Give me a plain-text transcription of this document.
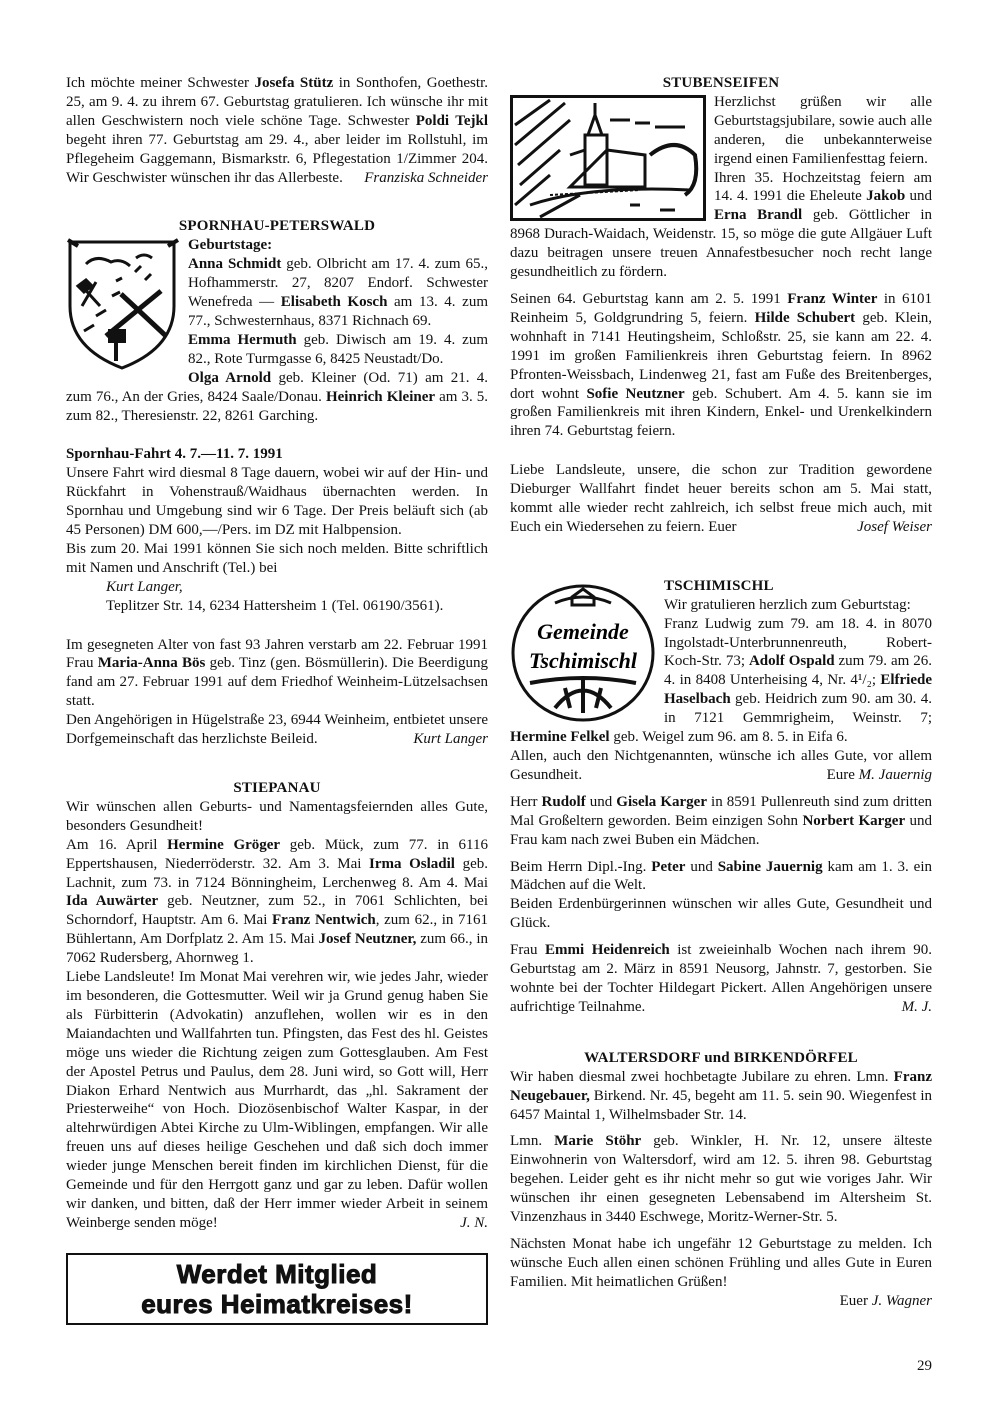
Ich möchte meiner Schwester Josefa Stütz in Sonthofen, Goethestr. 25, am 9. 4. zu ihrem 67. Geburtstag gratulieren. Ich wünsche ihr mit allen Geschwistern noch viele schöne Tage. Schwester Poldi Tejkl begeht ihren 77. Geburtstag am 29. 4., aber leider im Rollstuhl, im Pflegeheim Gaggemann, Bismarkstr. 6, Pflegestation 1/Zimmer 204. Wir Geschwister wünschen ihr das Allerbeste. Franziska Schneider

SPORNHAU-PETERSWALD

Geburtstage:

Anna Schmidt geb. Olbricht am 17. 4. zum 65., Hofhammerstr. 27, 8207 Endorf. Schwester Wenefreda — Elisabeth Kosch am 13. 4. zum 77., Schwesternhaus, 8371 Richnach 69.

Emma Hermuth geb. Diwisch am 19. 4. zum 82., Rote Turmgasse 6, 8425 Neustadt/Do.

Olga Arnold geb. Kleiner (Od. 71) am 21. 4. zum 76., An der Gries, 8424 Saale/Donau. Heinrich Kleiner am 3. 5. zum 82., Theresienstr. 22, 8261 Garching.

Spornhau-Fahrt 4. 7.—11. 7. 1991

Unsere Fahrt wird diesmal 8 Tage dauern, wobei wir auf der Hin- und Rückfahrt in Vohenstrauß/Waidhaus übernachten werden. In Spornhau und Umgebung sind wir 6 Tage. Der Preis beläuft sich (ab 45 Personen) DM 600,—/Pers. im DZ mit Halbpension.

Bis zum 20. Mai 1991 können Sie sich noch melden. Bitte schriftlich mit Namen und Anschrift (Tel.) bei

Kurt Langer,

Teplitzer Str. 14, 6234 Hattersheim 1 (Tel. 06190/3561).

Im gesegneten Alter von fast 93 Jahren verstarb am 22. Februar 1991 Frau Maria-Anna Bös geb. Tinz (gen. Bösmüllerin). Die Beerdigung fand am 27. Februar 1991 auf dem Friedhof Weinheim-Lützelsachsen statt.

Den Angehörigen in Hügelstraße 23, 6944 Weinheim, entbietet unsere Dorfgemeinschaft das herzlichste Beileid.	Kurt Langer

STIEPANAU

Wir wünschen allen Geburts- und Namentagsfeiernden alles Gute, besonders Gesundheit!

Am 16. April Hermine Gröger geb. Mück, zum 77. in 6116 Eppertshausen, Niederröderstr. 32. Am 3. Mai Irma Osladil geb. Lachnit, zum 73. in 7124 Bönningheim, Lerchenweg 8. Am 4. Mai Ida Auwärter geb. Neutzner, zum 52., in 7061 Schlichten, bei Schorndorf, Hauptstr. Am 6. Mai Franz Nentwich, zum 62., in 7161 Bühlertann, Am Dorfplatz 2. Am 15. Mai Josef Neutzner, zum 66., in 7062 Rudersberg, Ahornweg 1.

Liebe Landsleute! Im Monat Mai verehren wir, wie jedes Jahr, wieder im besonderen, die Gottesmutter. Weil wir ja Grund genug haben Sie als Fürbitterin (Advokatin) anzuflehen, wollen wir es in den Maiandachten und Wallfahrten tun. Pfingsten, das Fest des hl. Geistes möge uns wieder die Richtung zeigen zum Gottesglauben. Am Fest der Apostel Petrus und Paulus, dem 28. Juni wird, so Gott will, Herr Diakon Erhard Nentwich aus Murrhardt, das „hl. Sakrament der Priesterweihe“ von Hoch. Diozösenbischof Walter Kaspar, in der altehrwürdigen Abtei Kirche zu Ulm-Wiblingen, empfangen. Wir alle freuen uns auf dieses heilige Geschehen und daß sich doch immer wieder junge Menschen bereit finden im kirchlichen Dienst, für die Gemeinde und für den Herrgott ganz und gar zu leben. Dafür wollen wir danken, und bitten, daß der Herr immer wieder Arbeit in seinem Weinberge senden möge!	J. N.

Werdet Mitglied
eures Heimatkreises!
STUBENSEIFEN

Herzlichst grüßen wir alle Geburtstagsjubilare, sowie auch alle anderen, die unbekannterweise irgend einen Familienfesttag feiern.

Ihren 35. Hochzeitstag feiern am 14. 4. 1991 die Eheleute Jakob und Erna Brandl geb. Göttlicher in 8968 Durach-Waidach, Weidenstr. 15, so möge die gute Allgäuer Luft dazu beitragen unsere treuen Annafestbesucher noch recht lange gesundheitlich zu fördern.

Seinen 64. Geburtstag kann am 2. 5. 1991 Franz Winter in 6101 Reinheim 5, Goldgrundring 5, feiern. Hilde Schubert geb. Klein, wohnhaft in 7141 Heutingsheim, Schloßstr. 25, sie kann am 22. 4. 1991 im großen Familienkreis ihren Geburtstag feiern. In 8962 Pfronten-Weissbach, Lindenweg 21, fast am Fuße des Breitenberges, dort wohnt Sofie Neutzner geb. Schubert. Am 4. 5. kann sie im großen Familienkreis mit ihren Kindern, Enkel- und Urenkelkindern ihren 74. Geburtstag feiern.

Liebe Landsleute, unsere, die schon zur Tradition gewordene Dieburger Wallfahrt findet heuer bereits schon am 5. Mai statt, kommt alle wieder recht zahlreich, ich selbst freue mich auch, mit Euch ein Wiedersehen zu feiern. Euer	Josef Weiser

Gemeinde
Tschimischl
TSCHIMISCHL

Wir gratulieren herzlich zum Geburtstag:

Franz Ludwig zum 79. am 18. 4. in 8070 Ingolstadt-Unterbrunnenreuth, Robert-Koch-Str. 73; Adolf Ospald zum 79. am 26. 4. in 8408 Unterheising 4, Nr. 4¹/₂; Elfriede Haselbach geb. Heidrich zum 90. am 30. 4. in 7121 Gemmrigheim, Weinstr. 7; Hermine Felkel geb. Weigel zum 96. am 8. 5. in Eifa 6.

Allen, auch den Nichtgenannten, wünsche ich alles Gute, vor allem Gesundheit.	Eure M. Jauernig

Herr Rudolf und Gisela Karger in 8591 Pullenreuth sind zum dritten Mal Großeltern geworden. Beim einzigen Sohn Norbert Karger und Frau kam nach zwei Buben ein Mädchen.

Beim Herrn Dipl.-Ing. Peter und Sabine Jauernig kam am 1. 3. ein Mädchen auf die Welt.

Beiden Erdenbürgerinnen wünschen wir alles Gute, Gesundheit und Glück.

Frau Emmi Heidenreich ist zweieinhalb Wochen nach ihrem 90. Geburtstag am 2. März in 8591 Neusorg, Jahnstr. 7, gestorben. Sie wohnte bei der Tochter Hildegart Pickert. Allen Angehörigen unsere aufrichtige Teilnahme.	M. J.

WALTERSDORF und BIRKENDÖRFEL

Wir haben diesmal zwei hochbetagte Jubilare zu ehren. Lmn. Franz Neugebauer, Birkend. Nr. 45, begeht am 11. 5. sein 90. Wiegenfest in 6457 Maintal 1, Wilhelmsbader Str. 14.

Lmn. Marie Stöhr geb. Winkler, H. Nr. 12, unsere älteste Einwohnerin von Waltersdorf, wird am 12. 5. ihren 98. Geburtstag begehen. Leider geht es ihr nicht mehr so gut wie voriges Jahr. Wir wünschen ihr einen gesegneten Lebensabend im Altersheim St. Vinzenzhaus in 3440 Eschwege, Moritz-Werner-Str. 5.

Nächsten Monat habe ich ungefähr 12 Geburtstage zu melden. Ich wünsche Euch allen einen schönen Frühling und alles Gute in Euren Familien. Mit heimatlichen Grüßen!

Euer J. Wagner

29
